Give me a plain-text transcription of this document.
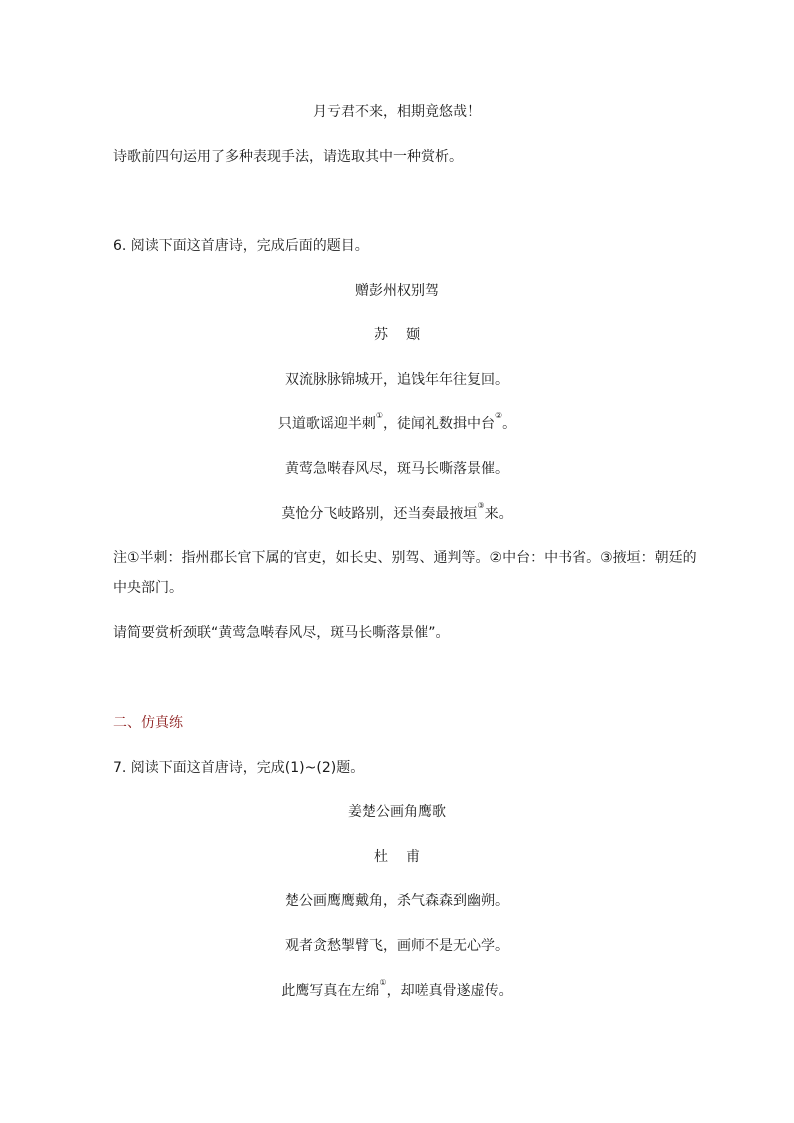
月亏君不来，相期竟悠哉！
诗歌前四句运用了多种表现手法，请选取其中一种赏析。
6. 阅读下面这首唐诗，完成后面的题目。
赠彭州权别驾
苏 颋
双流脉脉锦城开，追饯年年往复回。
只道歌谣迎半刺①，徒闻礼数揖中台②。
黄莺急啭春风尽，斑马长嘶落景催。
莫怆分飞岐路别，还当奏最掖垣③来。
注①半刺：指州郡长官下属的官吏，如长史、别驾、通判等。②中台：中书省。③掖垣：朝廷的
中央部门。
请简要赏析颈联“黄莺急啭春风尽，斑马长嘶落景催”。
二、仿真练
7. 阅读下面这首唐诗，完成(1)~(2)题。
姜楚公画角鹰歌
杜 甫
楚公画鹰鹰戴角，杀气森森到幽朔。
观者贪愁掣臂飞，画师不是无心学。
此鹰写真在左绵①，却嗟真骨遂虚传。
